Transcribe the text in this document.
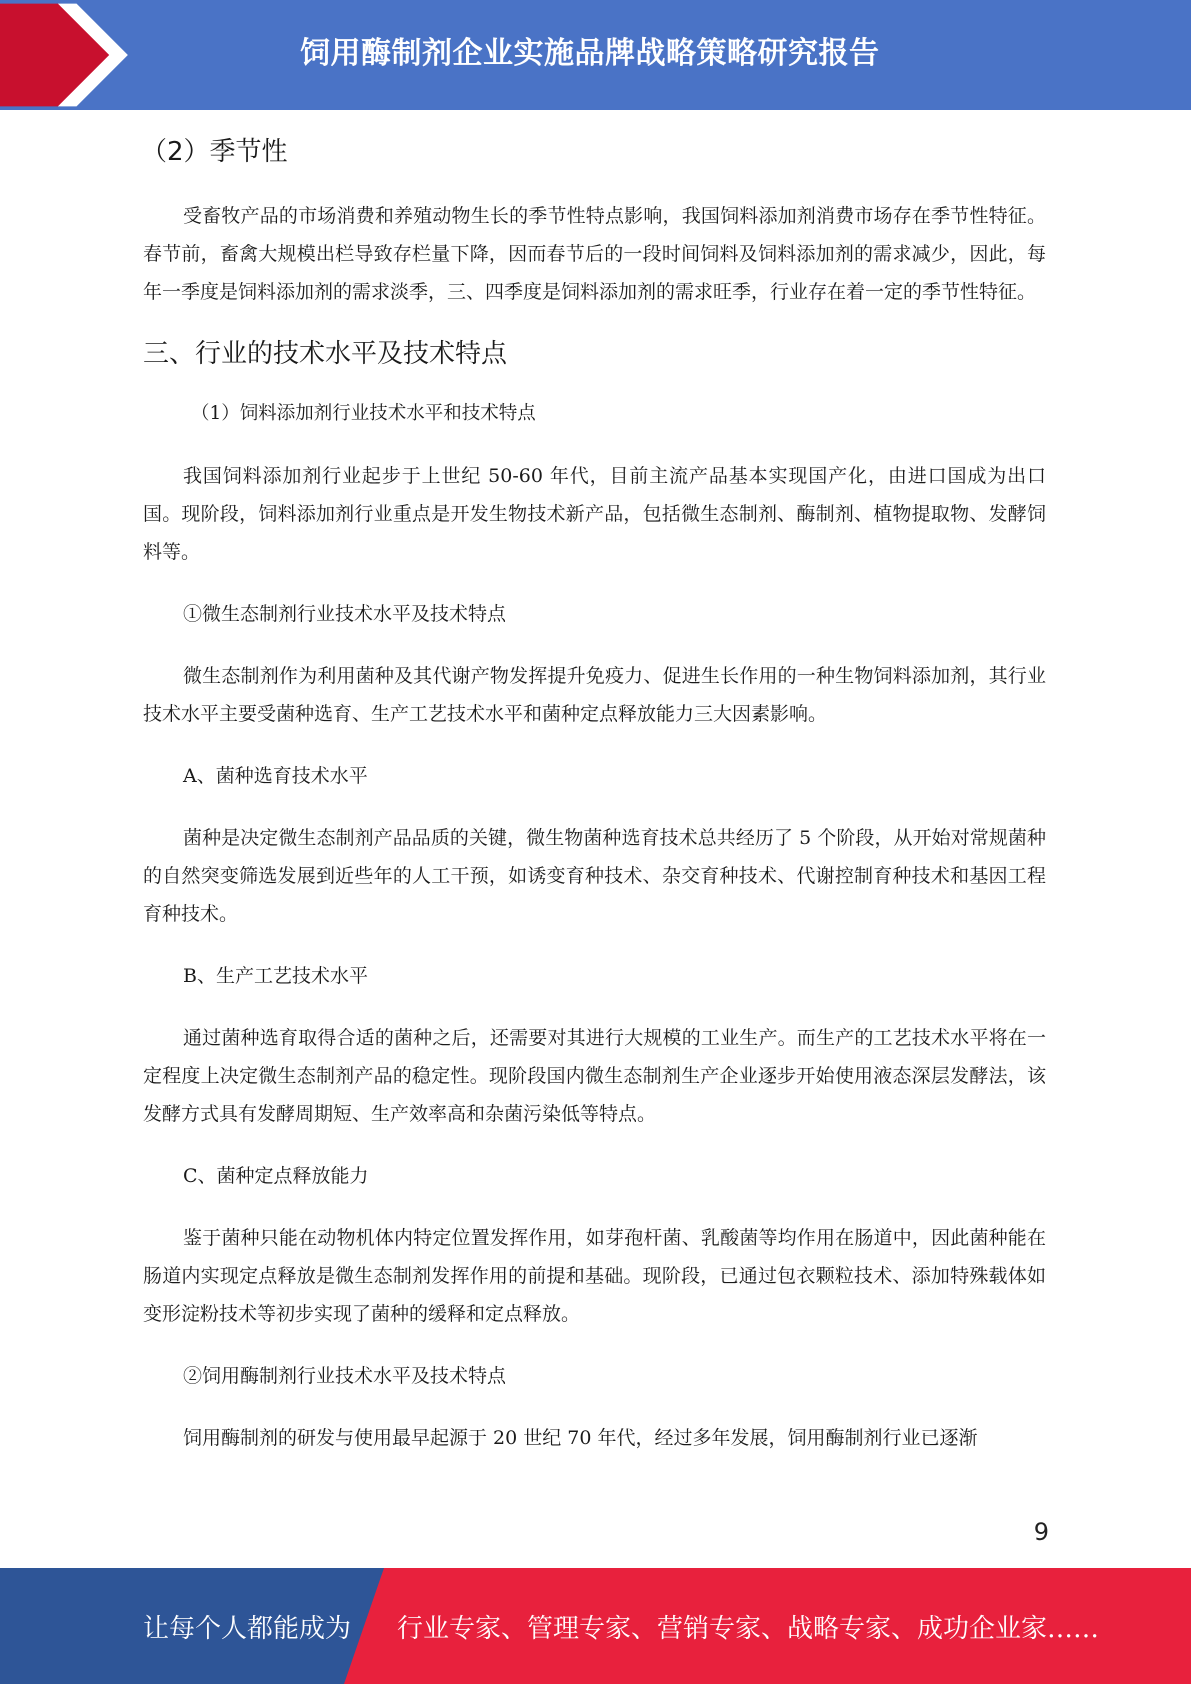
饲用酶制剂企业实施品牌战略策略研究报告
（2）季节性

受畜牧产品的市场消费和养殖动物生长的季节性特点影响，我国饲料添加剂消费市场存在季节性特征。春节前，畜禽大规模出栏导致存栏量下降，因而春节后的一段时间饲料及饲料添加剂的需求减少，因此，每年一季度是饲料添加剂的需求淡季，三、四季度是饲料添加剂的需求旺季，行业存在着一定的季节性特征。

三、行业的技术水平及技术特点

（1）饲料添加剂行业技术水平和技术特点

我国饲料添加剂行业起步于上世纪 50-60 年代，目前主流产品基本实现国产化，由进口国成为出口国。现阶段，饲料添加剂行业重点是开发生物技术新产品，包括微生态制剂、酶制剂、植物提取物、发酵饲料等。

①微生态制剂行业技术水平及技术特点

微生态制剂作为利用菌种及其代谢产物发挥提升免疫力、促进生长作用的一种生物饲料添加剂，其行业技术水平主要受菌种选育、生产工艺技术水平和菌种定点释放能力三大因素影响。

A、菌种选育技术水平

菌种是决定微生态制剂产品品质的关键，微生物菌种选育技术总共经历了 5 个阶段，从开始对常规菌种的自然突变筛选发展到近些年的人工干预，如诱变育种技术、杂交育种技术、代谢控制育种技术和基因工程育种技术。

B、生产工艺技术水平

通过菌种选育取得合适的菌种之后，还需要对其进行大规模的工业生产。而生产的工艺技术水平将在一定程度上决定微生态制剂产品的稳定性。现阶段国内微生态制剂生产企业逐步开始使用液态深层发酵法，该发酵方式具有发酵周期短、生产效率高和杂菌污染低等特点。

C、菌种定点释放能力

鉴于菌种只能在动物机体内特定位置发挥作用，如芽孢杆菌、乳酸菌等均作用在肠道中，因此菌种能在肠道内实现定点释放是微生态制剂发挥作用的前提和基础。现阶段，已通过包衣颗粒技术、添加特殊载体如变形淀粉技术等初步实现了菌种的缓释和定点释放。

②饲用酶制剂行业技术水平及技术特点

饲用酶制剂的研发与使用最早起源于 20 世纪 70 年代，经过多年发展，饲用酶制剂行业已逐渐

9
让每个人都能成为 行业专家、管理专家、营销专家、战略专家、成功企业家……
